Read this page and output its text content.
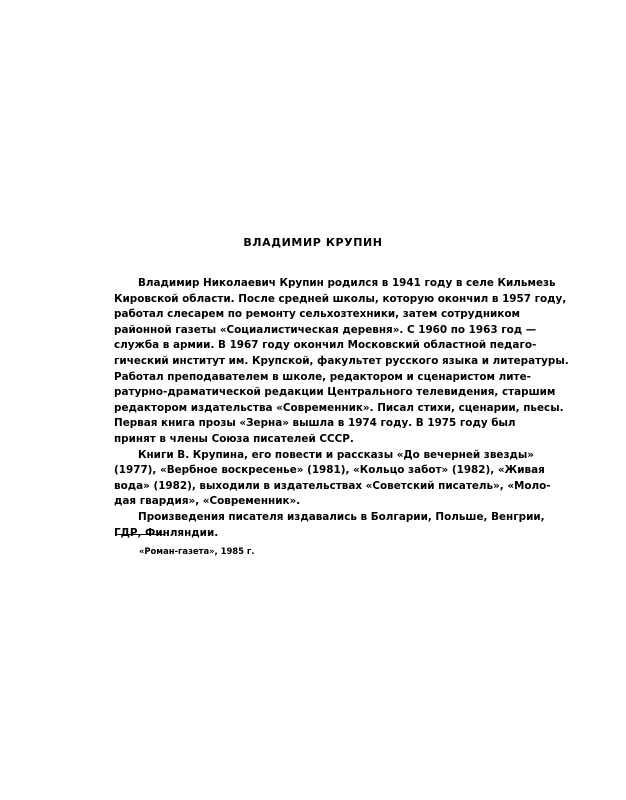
ВЛАДИМИР КРУПИН
Владимир Николаевич Крупин родился в 1941 году в селе Кильмезь
Кировской области. После средней школы, которую окончил в 1957 году,
работал слесарем по ремонту сельхозтехники, затем сотрудником
районной газеты «Социалистическая деревня». С 1960 по 1963 год —
служба в армии. В 1967 году окончил Московский областной педаго-
гический институт им. Крупской, факультет русского языка и литературы.
Работал преподавателем в школе, редактором и сценаристом лите-
ратурно-драматической редакции Центрального телевидения, старшим
редактором издательства «Современник». Писал стихи, сценарии, пьесы.
Первая книга прозы «Зерна» вышла в 1974 году. В 1975 году был
принят в члены Союза писателей СССР.
Книги В. Крупина, его повести и рассказы «До вечерней звезды»
(1977), «Вербное воскресенье» (1981), «Кольцо забот» (1982), «Живая
вода» (1982), выходили в издательствах «Советский писатель», «Моло-
дая гвардия», «Современник».
Произведения писателя издавались в Болгарии, Польше, Венгрии,
ГДР, Финляндии.
«Роман-газета», 1985 г.
